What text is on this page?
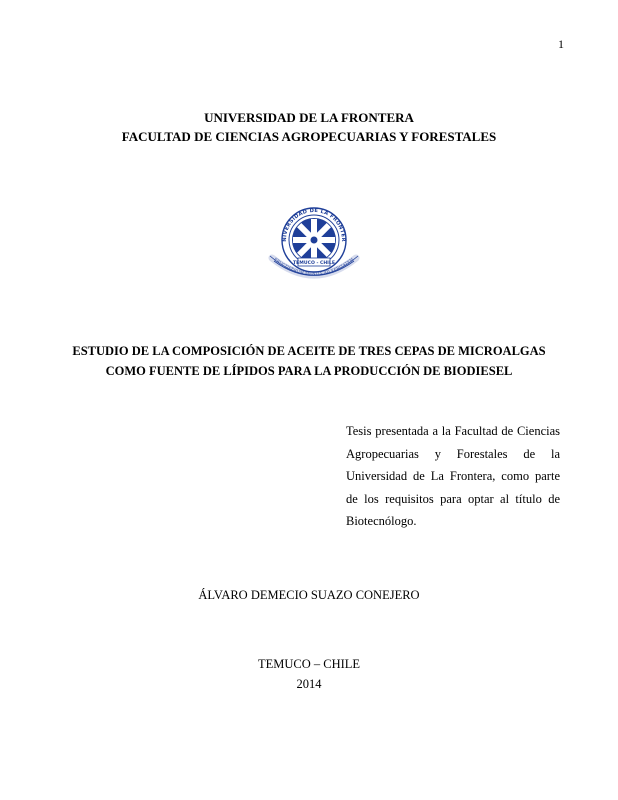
1
UNIVERSIDAD DE LA FRONTERA
FACULTAD DE CIENCIAS AGROPECUARIAS Y FORESTALES
NIVERSIDAD DE LA FRONTER
TEMUCO - CHILE
FRUCTIFERUM MENTIS AD VERITATEM
ESTUDIO DE LA COMPOSICIÓN DE ACEITE DE TRES CEPAS DE MICROALGAS
COMO FUENTE DE LÍPIDOS PARA LA PRODUCCIÓN DE BIODIESEL
Tesis presentada a la Facultad de Ciencias Agropecuarias y Forestales de la Universidad de La Frontera, como parte de los requisitos para optar al título de Biotecnólogo.
ÁLVARO DEMECIO SUAZO CONEJERO
TEMUCO – CHILE
2014
